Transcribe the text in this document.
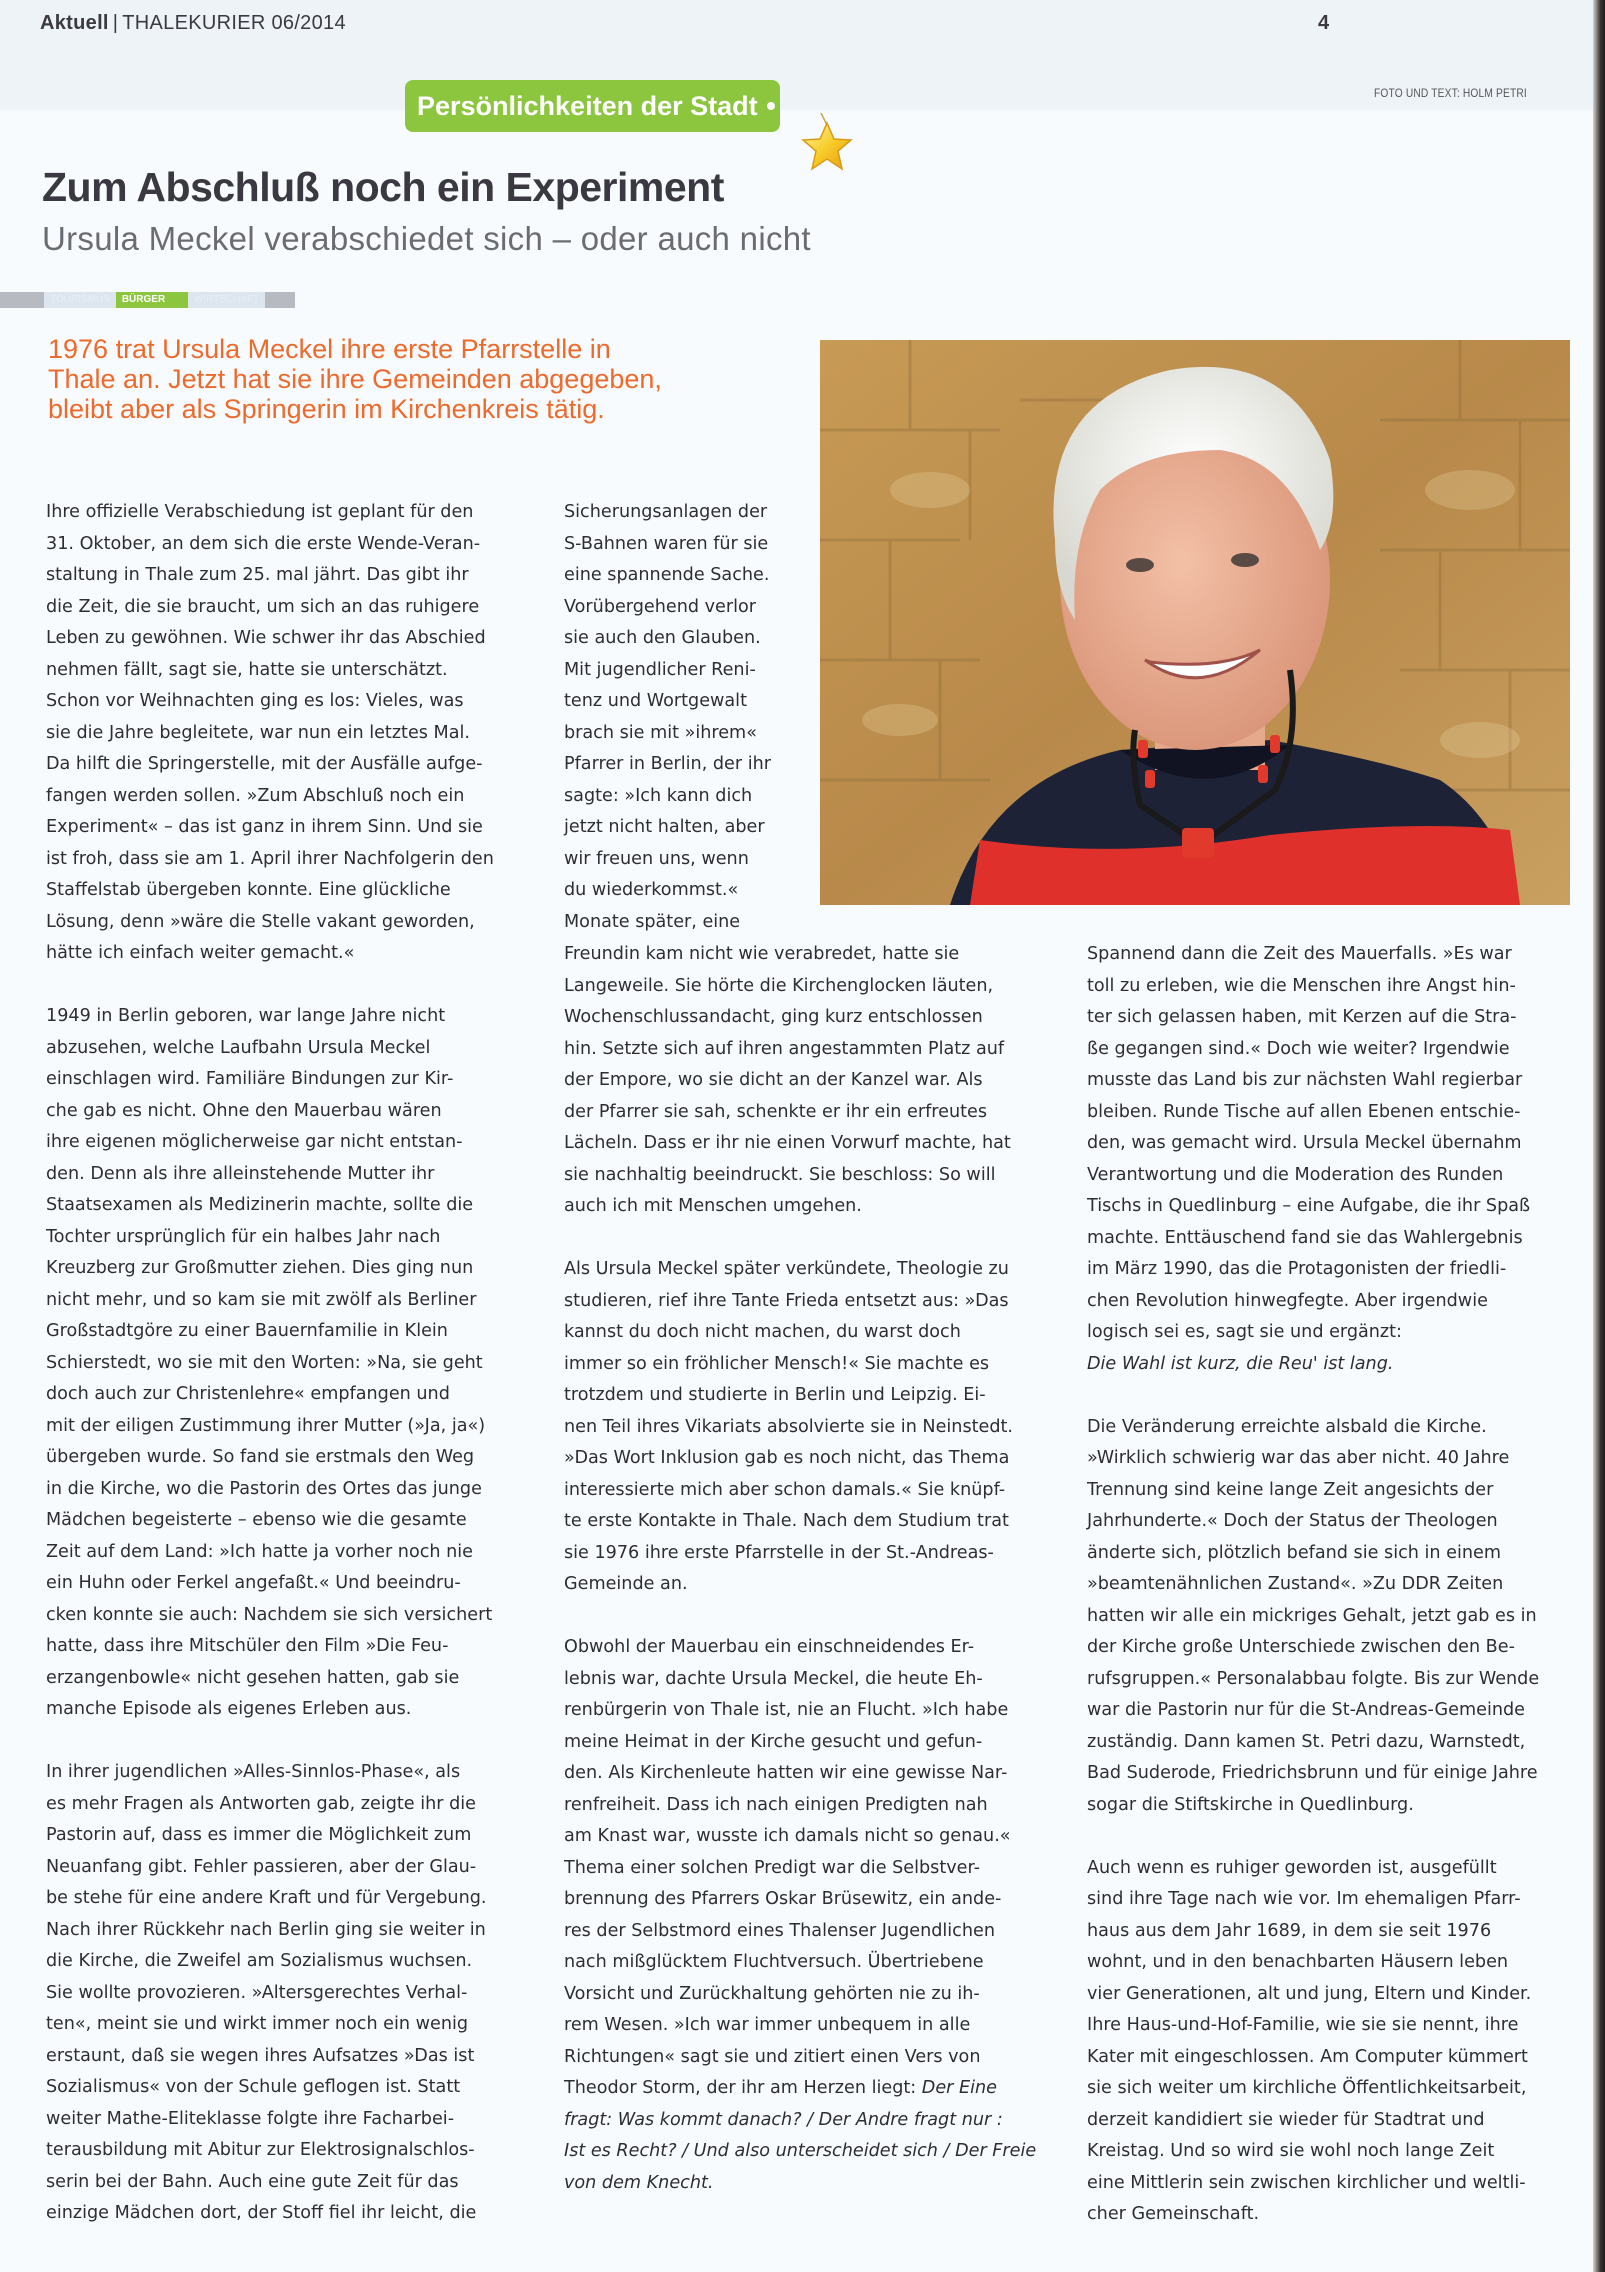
Aktuell | THALEKURIER 06/2014	4
FOTO UND TEXT: HOLM PETRI
Persönlichkeiten der Stadt
Zum Abschluß noch ein Experiment
Ursula Meckel verabschiedet sich – oder auch nicht
TOURISMUS	BÜRGER	WIRTSCHAFT
1976 trat Ursula Meckel ihre erste Pfarrstelle in
Thale an. Jetzt hat sie ihre Gemeinden abgegeben,
bleibt aber als Springerin im Kirchenkreis tätig.
Ihre offizielle Verabschiedung ist geplant für den
31. Oktober, an dem sich die erste Wende-Veran-
staltung in Thale zum 25. mal jährt. Das gibt ihr
die Zeit, die sie braucht, um sich an das ruhigere
Leben zu gewöhnen. Wie schwer ihr das Abschied
nehmen fällt, sagt sie, hatte sie unterschätzt.
Schon vor Weihnachten ging es los: Vieles, was
sie die Jahre begleitete, war nun ein letztes Mal.
Da hilft die Springerstelle, mit der Ausfälle aufge-
fangen werden sollen. »Zum Abschluß noch ein
Experiment« – das ist ganz in ihrem Sinn. Und sie
ist froh, dass sie am 1. April ihrer Nachfolgerin den
Staffelstab übergeben konnte. Eine glückliche
Lösung, denn »wäre die Stelle vakant geworden,
hätte ich einfach weiter gemacht.«
1949 in Berlin geboren, war lange Jahre nicht
abzusehen, welche Laufbahn Ursula Meckel
einschlagen wird. Familiäre Bindungen zur Kir-
che gab es nicht. Ohne den Mauerbau wären
ihre eigenen möglicherweise gar nicht entstan-
den. Denn als ihre alleinstehende Mutter ihr
Staatsexamen als Medizinerin machte, sollte die
Tochter ursprünglich für ein halbes Jahr nach
Kreuzberg zur Großmutter ziehen. Dies ging nun
nicht mehr, und so kam sie mit zwölf als Berliner
Großstadtgöre zu einer Bauernfamilie in Klein
Schierstedt, wo sie mit den Worten: »Na, sie geht
doch auch zur Christenlehre« empfangen und
mit der eiligen Zustimmung ihrer Mutter (»Ja, ja«)
übergeben wurde. So fand sie erstmals den Weg
in die Kirche, wo die Pastorin des Ortes das junge
Mädchen begeisterte – ebenso wie die gesamte
Zeit auf dem Land: »Ich hatte ja vorher noch nie
ein Huhn oder Ferkel angefaßt.« Und beeindru-
cken konnte sie auch: Nachdem sie sich versichert
hatte, dass ihre Mitschüler den Film »Die Feu-
erzangenbowle« nicht gesehen hatten, gab sie
manche Episode als eigenes Erleben aus.
In ihrer jugendlichen »Alles-Sinnlos-Phase«, als
es mehr Fragen als Antworten gab, zeigte ihr die
Pastorin auf, dass es immer die Möglichkeit zum
Neuanfang gibt. Fehler passieren, aber der Glau-
be stehe für eine andere Kraft und für Vergebung.
Nach ihrer Rückkehr nach Berlin ging sie weiter in
die Kirche, die Zweifel am Sozialismus wuchsen.
Sie wollte provozieren. »Altersgerechtes Verhal-
ten«, meint sie und wirkt immer noch ein wenig
erstaunt, daß sie wegen ihres Aufsatzes »Das ist
Sozialismus« von der Schule geflogen ist. Statt
weiter Mathe-Eliteklasse folgte ihre Facharbei-
terausbildung mit Abitur zur Elektrosignalschlos-
serin bei der Bahn. Auch eine gute Zeit für das
einzige Mädchen dort, der Stoff fiel ihr leicht, die
Sicherungsanlagen der
S-Bahnen waren für sie
eine spannende Sache.
Vorübergehend verlor
sie auch den Glauben.
Mit jugendlicher Reni-
tenz und Wortgewalt
brach sie mit »ihrem«
Pfarrer in Berlin, der ihr
sagte: »Ich kann dich
jetzt nicht halten, aber
wir freuen uns, wenn
du wiederkommst.«
Monate später, eine
Freundin kam nicht wie verabredet, hatte sie
Langeweile. Sie hörte die Kirchenglocken läuten,
Wochenschlussandacht, ging kurz entschlossen
hin. Setzte sich auf ihren angestammten Platz auf
der Empore, wo sie dicht an der Kanzel war. Als
der Pfarrer sie sah, schenkte er ihr ein erfreutes
Lächeln. Dass er ihr nie einen Vorwurf machte, hat
sie nachhaltig beeindruckt. Sie beschloss: So will
auch ich mit Menschen umgehen.
Als Ursula Meckel später verkündete, Theologie zu
studieren, rief ihre Tante Frieda entsetzt aus: »Das
kannst du doch nicht machen, du warst doch
immer so ein fröhlicher Mensch!« Sie machte es
trotzdem und studierte in Berlin und Leipzig. Ei-
nen Teil ihres Vikariats absolvierte sie in Neinstedt.
»Das Wort Inklusion gab es noch nicht, das Thema
interessierte mich aber schon damals.« Sie knüpf-
te erste Kontakte in Thale. Nach dem Studium trat
sie 1976 ihre erste Pfarrstelle in der St.-Andreas-
Gemeinde an.
Obwohl der Mauerbau ein einschneidendes Er-
lebnis war, dachte Ursula Meckel, die heute Eh-
renbürgerin von Thale ist, nie an Flucht. »Ich habe
meine Heimat in der Kirche gesucht und gefun-
den. Als Kirchenleute hatten wir eine gewisse Nar-
renfreiheit. Dass ich nach einigen Predigten nah
am Knast war, wusste ich damals nicht so genau.«
Thema einer solchen Predigt war die Selbstver-
brennung des Pfarrers Oskar Brüsewitz, ein ande-
res der Selbstmord eines Thalenser Jugendlichen
nach mißglücktem Fluchtversuch. Übertriebene
Vorsicht und Zurückhaltung gehörten nie zu ih-
rem Wesen. »Ich war immer unbequem in alle
Richtungen« sagt sie und zitiert einen Vers von
Theodor Storm, der ihr am Herzen liegt: Der Eine
fragt: Was kommt danach? / Der Andre fragt nur :
Ist es Recht? / Und also unterscheidet sich / Der Freie
von dem Knecht.
Spannend dann die Zeit des Mauerfalls. »Es war
toll zu erleben, wie die Menschen ihre Angst hin-
ter sich gelassen haben, mit Kerzen auf die Stra-
ße gegangen sind.« Doch wie weiter? Irgendwie
musste das Land bis zur nächsten Wahl regierbar
bleiben. Runde Tische auf allen Ebenen entschie-
den, was gemacht wird. Ursula Meckel übernahm
Verantwortung und die Moderation des Runden
Tischs in Quedlinburg – eine Aufgabe, die ihr Spaß
machte. Enttäuschend fand sie das Wahlergebnis
im März 1990, das die Protagonisten der friedli-
chen Revolution hinwegfegte. Aber irgendwie
logisch sei es, sagt sie und ergänzt:
Die Wahl ist kurz, die Reu' ist lang.
Die Veränderung erreichte alsbald die Kirche.
»Wirklich schwierig war das aber nicht. 40 Jahre
Trennung sind keine lange Zeit angesichts der
Jahrhunderte.« Doch der Status der Theologen
änderte sich, plötzlich befand sie sich in einem
»beamtenähnlichen Zustand«. »Zu DDR Zeiten
hatten wir alle ein mickriges Gehalt, jetzt gab es in
der Kirche große Unterschiede zwischen den Be-
rufsgruppen.« Personalabbau folgte. Bis zur Wende
war die Pastorin nur für die St-Andreas-Gemeinde
zuständig. Dann kamen St. Petri dazu, Warnstedt,
Bad Suderode, Friedrichsbrunn und für einige Jahre
sogar die Stiftskirche in Quedlinburg.
Auch wenn es ruhiger geworden ist, ausgefüllt
sind ihre Tage nach wie vor. Im ehemaligen Pfarr-
haus aus dem Jahr 1689, in dem sie seit 1976
wohnt, und in den benachbarten Häusern leben
vier Generationen, alt und jung, Eltern und Kinder.
Ihre Haus-und-Hof-Familie, wie sie sie nennt, ihre
Kater mit eingeschlossen. Am Computer kümmert
sie sich weiter um kirchliche Öffentlichkeitsarbeit,
derzeit kandidiert sie wieder für Stadtrat und
Kreistag. Und so wird sie wohl noch lange Zeit
eine Mittlerin sein zwischen kirchlicher und weltli-
cher Gemeinschaft.
